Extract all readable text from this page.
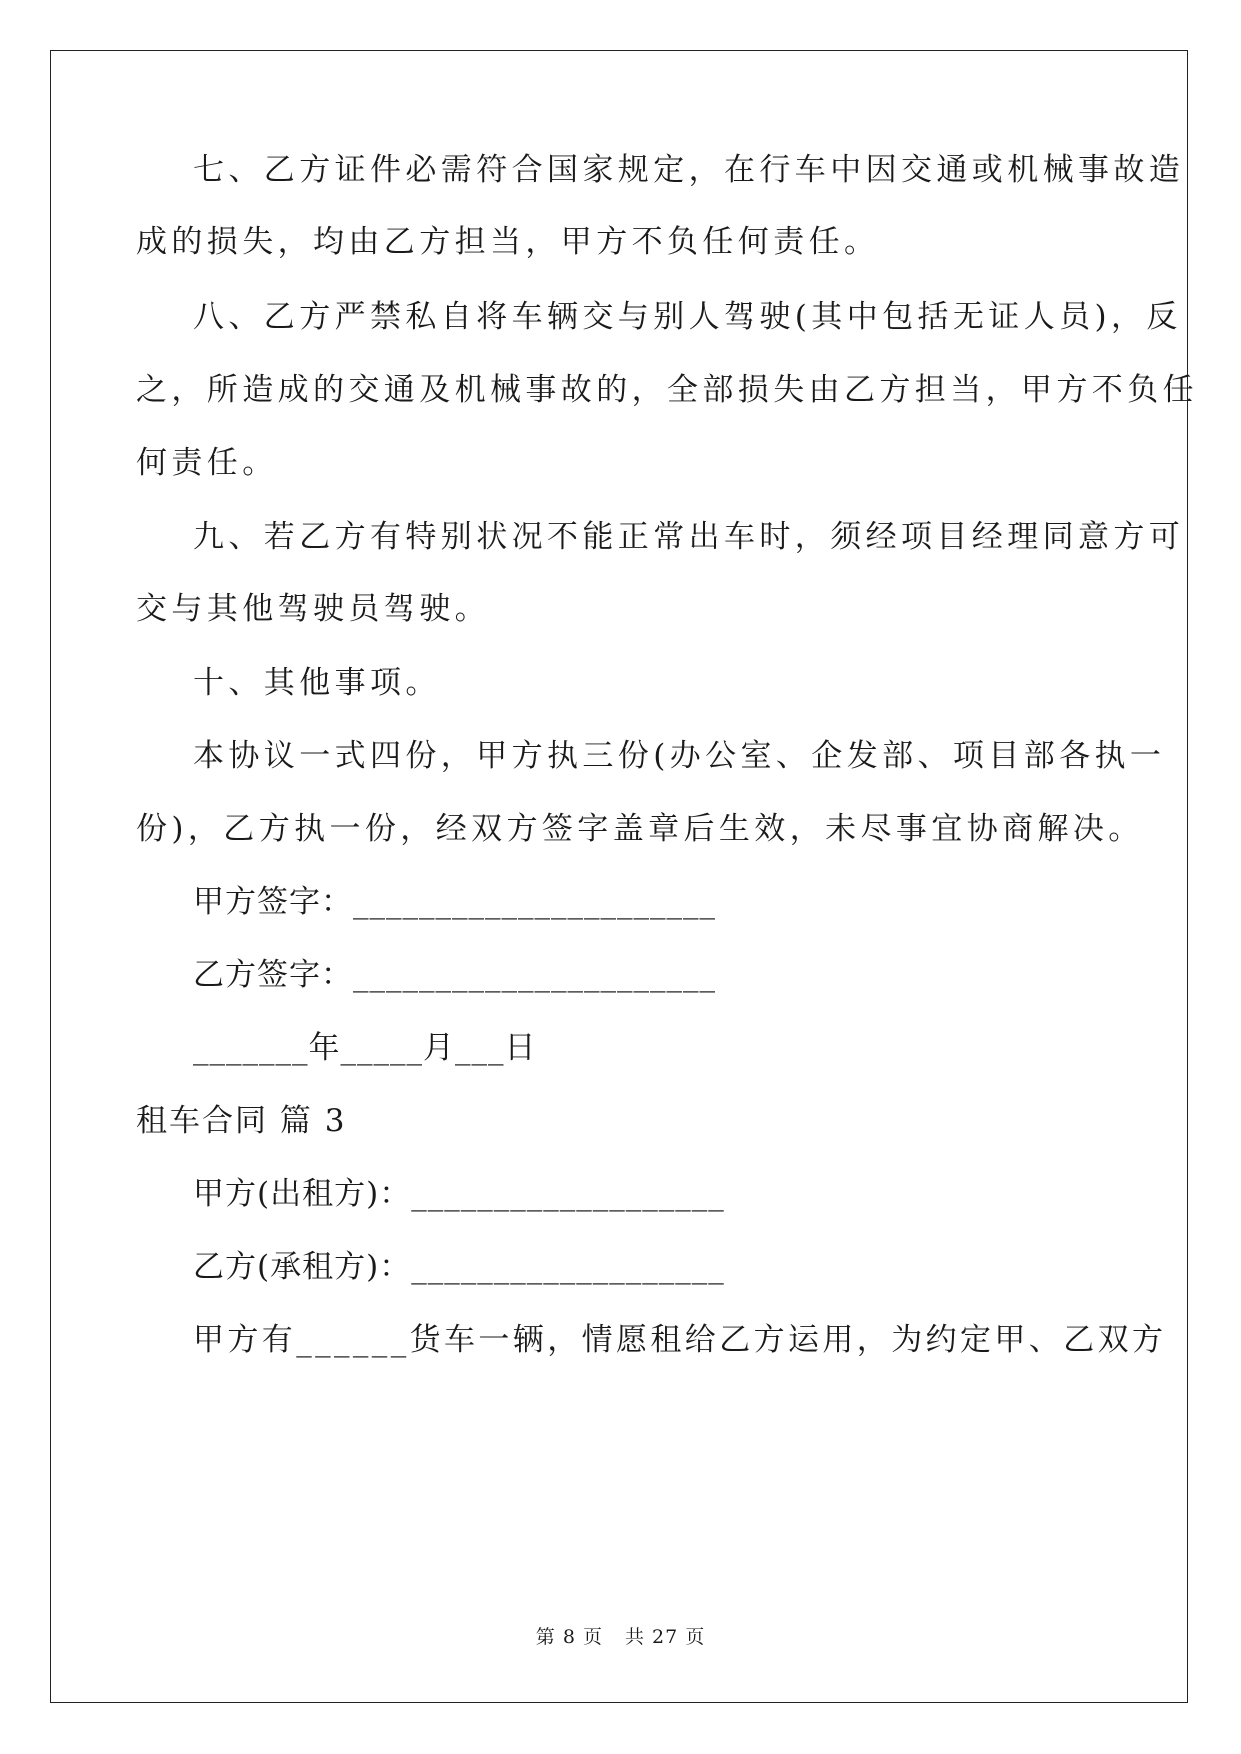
七、乙方证件必需符合国家规定，在行车中因交通或机械事故造

成的损失，均由乙方担当，甲方不负任何责任。

八、乙方严禁私自将车辆交与别人驾驶(其中包括无证人员)，反

之，所造成的交通及机械事故的，全部损失由乙方担当，甲方不负任

何责任。

九、若乙方有特别状况不能正常出车时，须经项目经理同意方可

交与其他驾驶员驾驶。

十、其他事项。

本协议一式四份，甲方执三份(办公室、企发部、项目部各执一

份)，乙方执一份，经双方签字盖章后生效，未尽事宜协商解决。

甲方签字：______________________

乙方签字：______________________

_______年_____月___日

租车合同 篇 3

甲方(出租方)：___________________

乙方(承租方)：___________________

甲方有______货车一辆，情愿租给乙方运用，为约定甲、乙双方

第 8 页 共 27 页
